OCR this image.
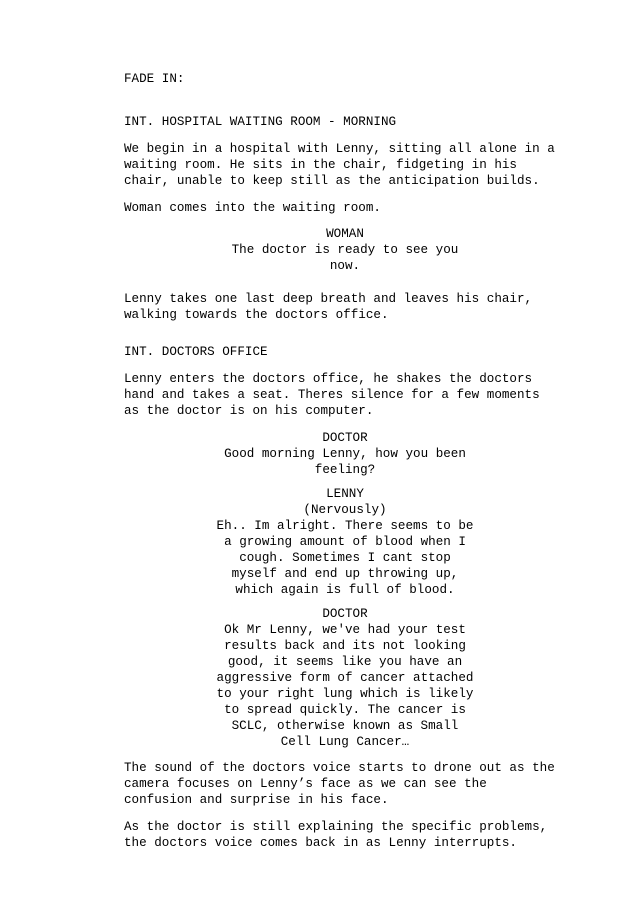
FADE IN:
INT. HOSPITAL WAITING ROOM - MORNING
We begin in a hospital with Lenny, sitting all alone in a
waiting room. He sits in the chair, fidgeting in his
chair, unable to keep still as the anticipation builds.
Woman comes into the waiting room.
WOMAN
The doctor is ready to see you
now.
Lenny takes one last deep breath and leaves his chair,
walking towards the doctors office.
INT. DOCTORS OFFICE
Lenny enters the doctors office, he shakes the doctors
hand and takes a seat. Theres silence for a few moments
as the doctor is on his computer.
DOCTOR
Good morning Lenny, how you been
feeling?
LENNY
(Nervously)
Eh.. Im alright. There seems to be
a growing amount of blood when I
cough. Sometimes I cant stop
myself and end up throwing up,
which again is full of blood.
DOCTOR
Ok Mr Lenny, we've had your test
results back and its not looking
good, it seems like you have an
aggressive form of cancer attached
to your right lung which is likely
to spread quickly. The cancer is
SCLC, otherwise known as Small
Cell Lung Cancer…
The sound of the doctors voice starts to drone out as the
camera focuses on Lenny’s face as we can see the
confusion and surprise in his face.
As the doctor is still explaining the specific problems,
the doctors voice comes back in as Lenny interrupts.
